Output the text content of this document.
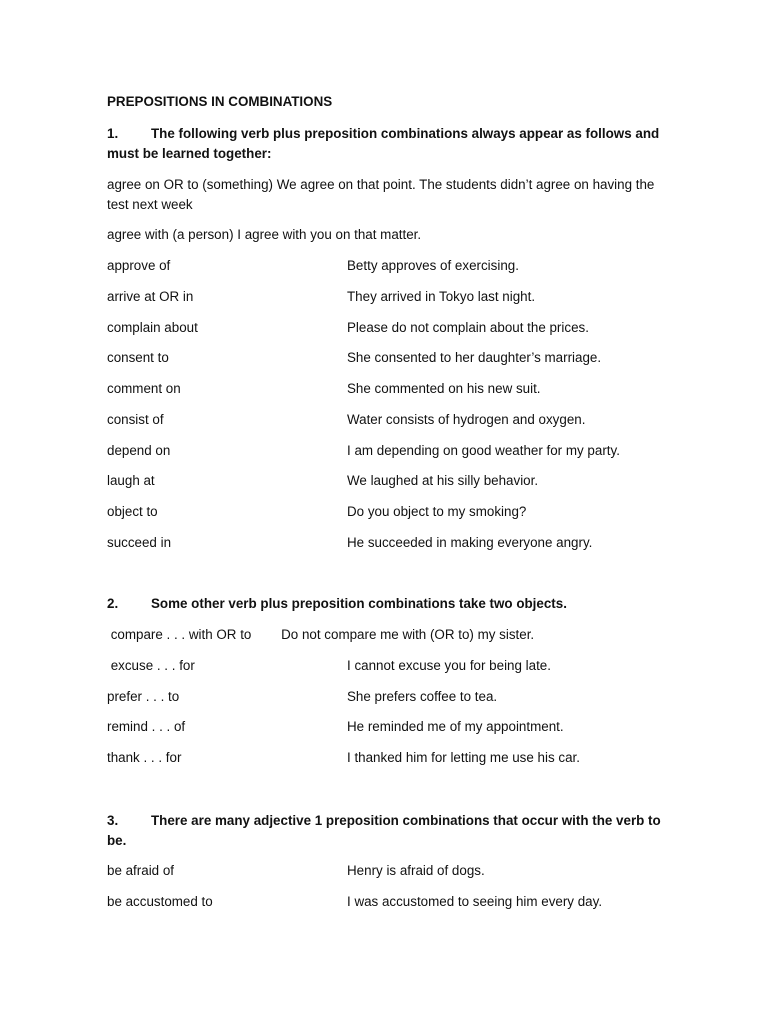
PREPOSITIONS IN COMBINATIONS
1. The following verb plus preposition combinations always appear as follows and must be learned together:
agree on OR to (something) We agree on that point. The students didn’t agree on having the test next week
agree with (a person) I agree with you on that matter.
approve of	Betty approves of exercising.
arrive at OR in	They arrived in Tokyo last night.
complain about	Please do not complain about the prices.
consent to	She consented to her daughter’s marriage.
comment on	She commented on his new suit.
consist of	Water consists of hydrogen and oxygen.
depend on	I am depending on good weather for my party.
laugh at	We laughed at his silly behavior.
object to	Do you object to my smoking?
succeed in	He succeeded in making everyone angry.
2. Some other verb plus preposition combinations take two objects.
compare . . . with OR to        Do not compare me with (OR to) my sister.
excuse . . . for	I cannot excuse you for being late.
prefer . . . to	She prefers coffee to tea.
remind . . . of	He reminded me of my appointment.
thank . . . for	I thanked him for letting me use his car.
3. There are many adjective 1 preposition combinations that occur with the verb to be.
be afraid of	Henry is afraid of dogs.
be accustomed to	I was accustomed to seeing him every day.
